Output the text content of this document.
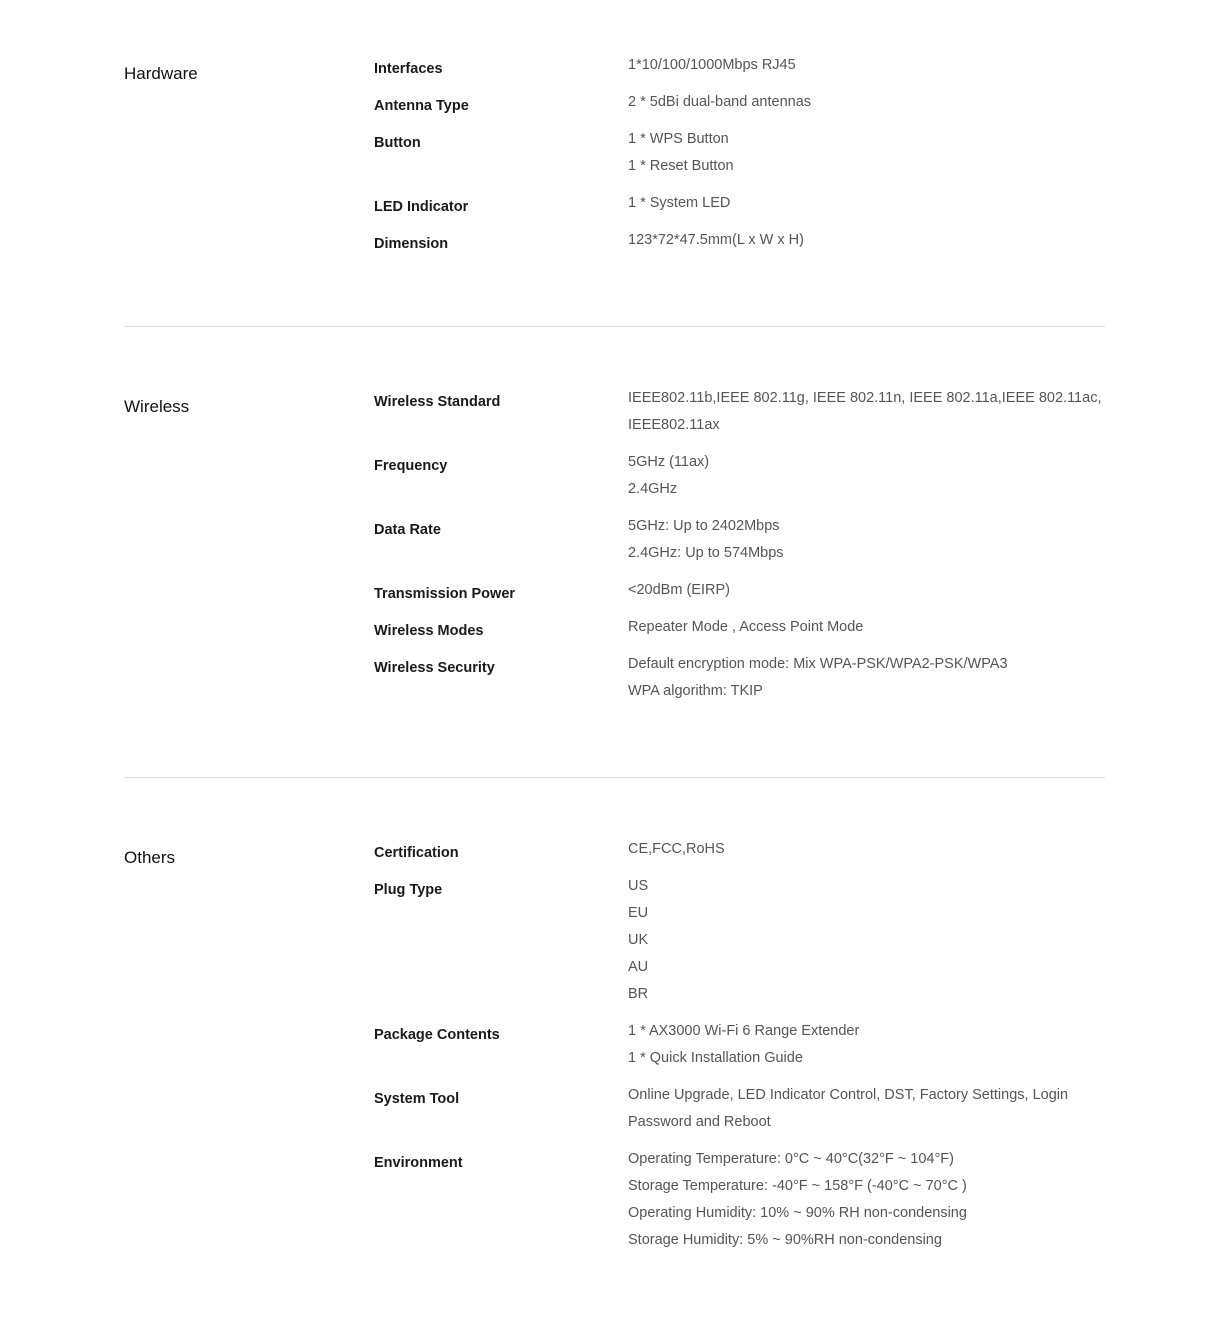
Hardware	Interfaces	1*10/100/1000Mbps RJ45
Antenna Type	2 * 5dBi dual-band antennas
Button	1 * WPS Button
1 * Reset Button
LED Indicator	1 * System LED
Dimension	123*72*47.5mm(L x W x H)
Wireless	Wireless Standard	IEEE802.11b,IEEE 802.11g, IEEE 802.11n, IEEE 802.11a,IEEE 802.11ac,
IEEE802.11ax
Frequency	5GHz (11ax)
2.4GHz
Data Rate	5GHz: Up to 2402Mbps
2.4GHz: Up to 574Mbps
Transmission Power	<20dBm (EIRP)
Wireless Modes	Repeater Mode , Access Point Mode
Wireless Security	Default encryption mode: Mix WPA-PSK/WPA2-PSK/WPA3
WPA algorithm: TKIP
Others	Certification	CE,FCC,RoHS
Plug Type	US
EU
UK
AU
BR
Package Contents	1 * AX3000 Wi-Fi 6 Range Extender
1 * Quick Installation Guide
System Tool	Online Upgrade, LED Indicator Control, DST, Factory Settings, Login
Password and Reboot
Environment	Operating Temperature: 0°C ~ 40°C(32°F ~ 104°F)
Storage Temperature: -40°F ~ 158°F (-40°C ~ 70°C )
Operating Humidity: 10% ~ 90% RH non-condensing
Storage Humidity: 5% ~ 90%RH non-condensing
